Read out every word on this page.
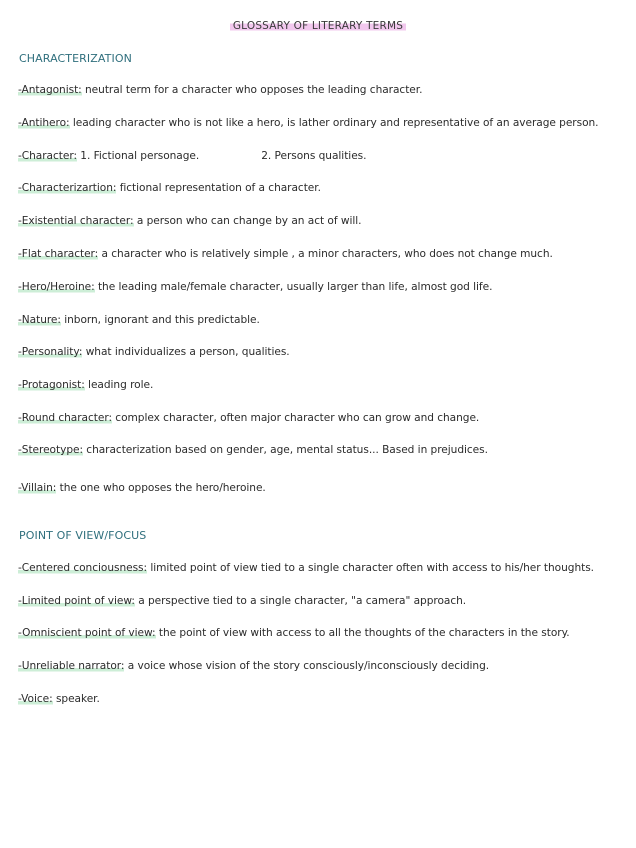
GLOSSARY OF LITERARY TERMS
CHARACTERIZATION
-Antagonist: neutral term for a character who opposes the leading character.
-Antihero: leading character who is not like a hero, is lather ordinary and representative of an average person.
-Character: 1. Fictional personage.	2. Persons qualities.
-Characterizartion: fictional representation of a character.
-Existential character: a person who can change by an act of will.
-Flat character: a character who is relatively simple , a minor characters, who does not change much.
-Hero/Heroine: the leading male/female character, usually larger than life, almost god life.
-Nature: inborn, ignorant and this predictable.
-Personality: what individualizes a person, qualities.
-Protagonist: leading role.
-Round character: complex character, often major character who can grow and change.
-Stereotype: characterization based on gender, age, mental status... Based in prejudices.
-Villain: the one who opposes the hero/heroine.
POINT OF VIEW/FOCUS
-Centered conciousness: limited point of view tied to a single character often with access to his/her thoughts.
-Limited point of view: a perspective tied to a single character, "a camera" approach.
-Omniscient point of view: the point of view with access to all the thoughts of the characters in the story.
-Unreliable narrator: a voice whose vision of the story consciously/inconsciously deciding.
-Voice: speaker.
